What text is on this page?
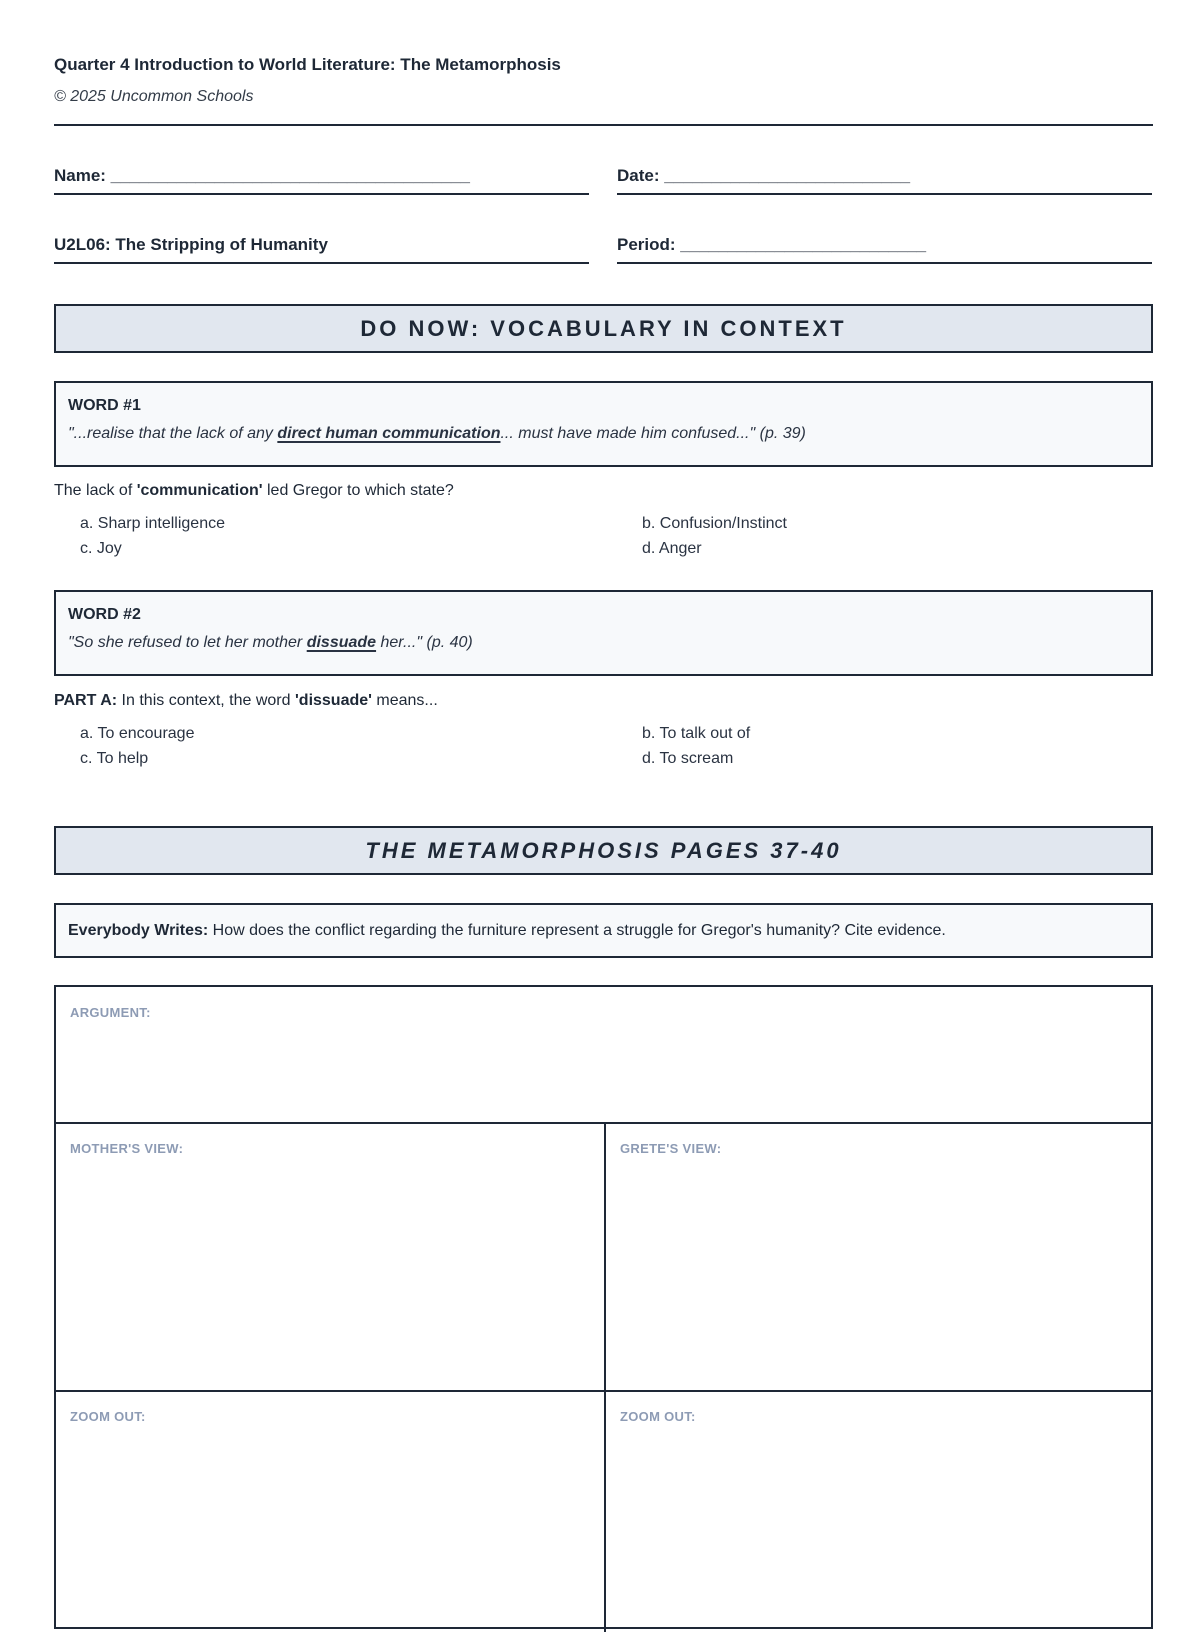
Quarter 4 Introduction to World Literature: The Metamorphosis
© 2025 Uncommon Schools
Name: ______________________________________	Date: __________________________
U2L06: The Stripping of Humanity	Period: __________________________
DO NOW: VOCABULARY IN CONTEXT
WORD #1
"...realise that the lack of any direct human communication... must have made him confused..." (p. 39)
The lack of 'communication' led Gregor to which state?
a. Sharp intelligence	b. Confusion/Instinct
c. Joy	d. Anger
WORD #2
"So she refused to let her mother dissuade her..." (p. 40)
PART A: In this context, the word 'dissuade' means...
a. To encourage	b. To talk out of
c. To help	d. To scream
THE METAMORPHOSIS PAGES 37-40
Everybody Writes: How does the conflict regarding the furniture represent a struggle for Gregor's humanity? Cite evidence.
ARGUMENT:
MOTHER'S VIEW:	GRETE'S VIEW:
ZOOM OUT:	ZOOM OUT:
